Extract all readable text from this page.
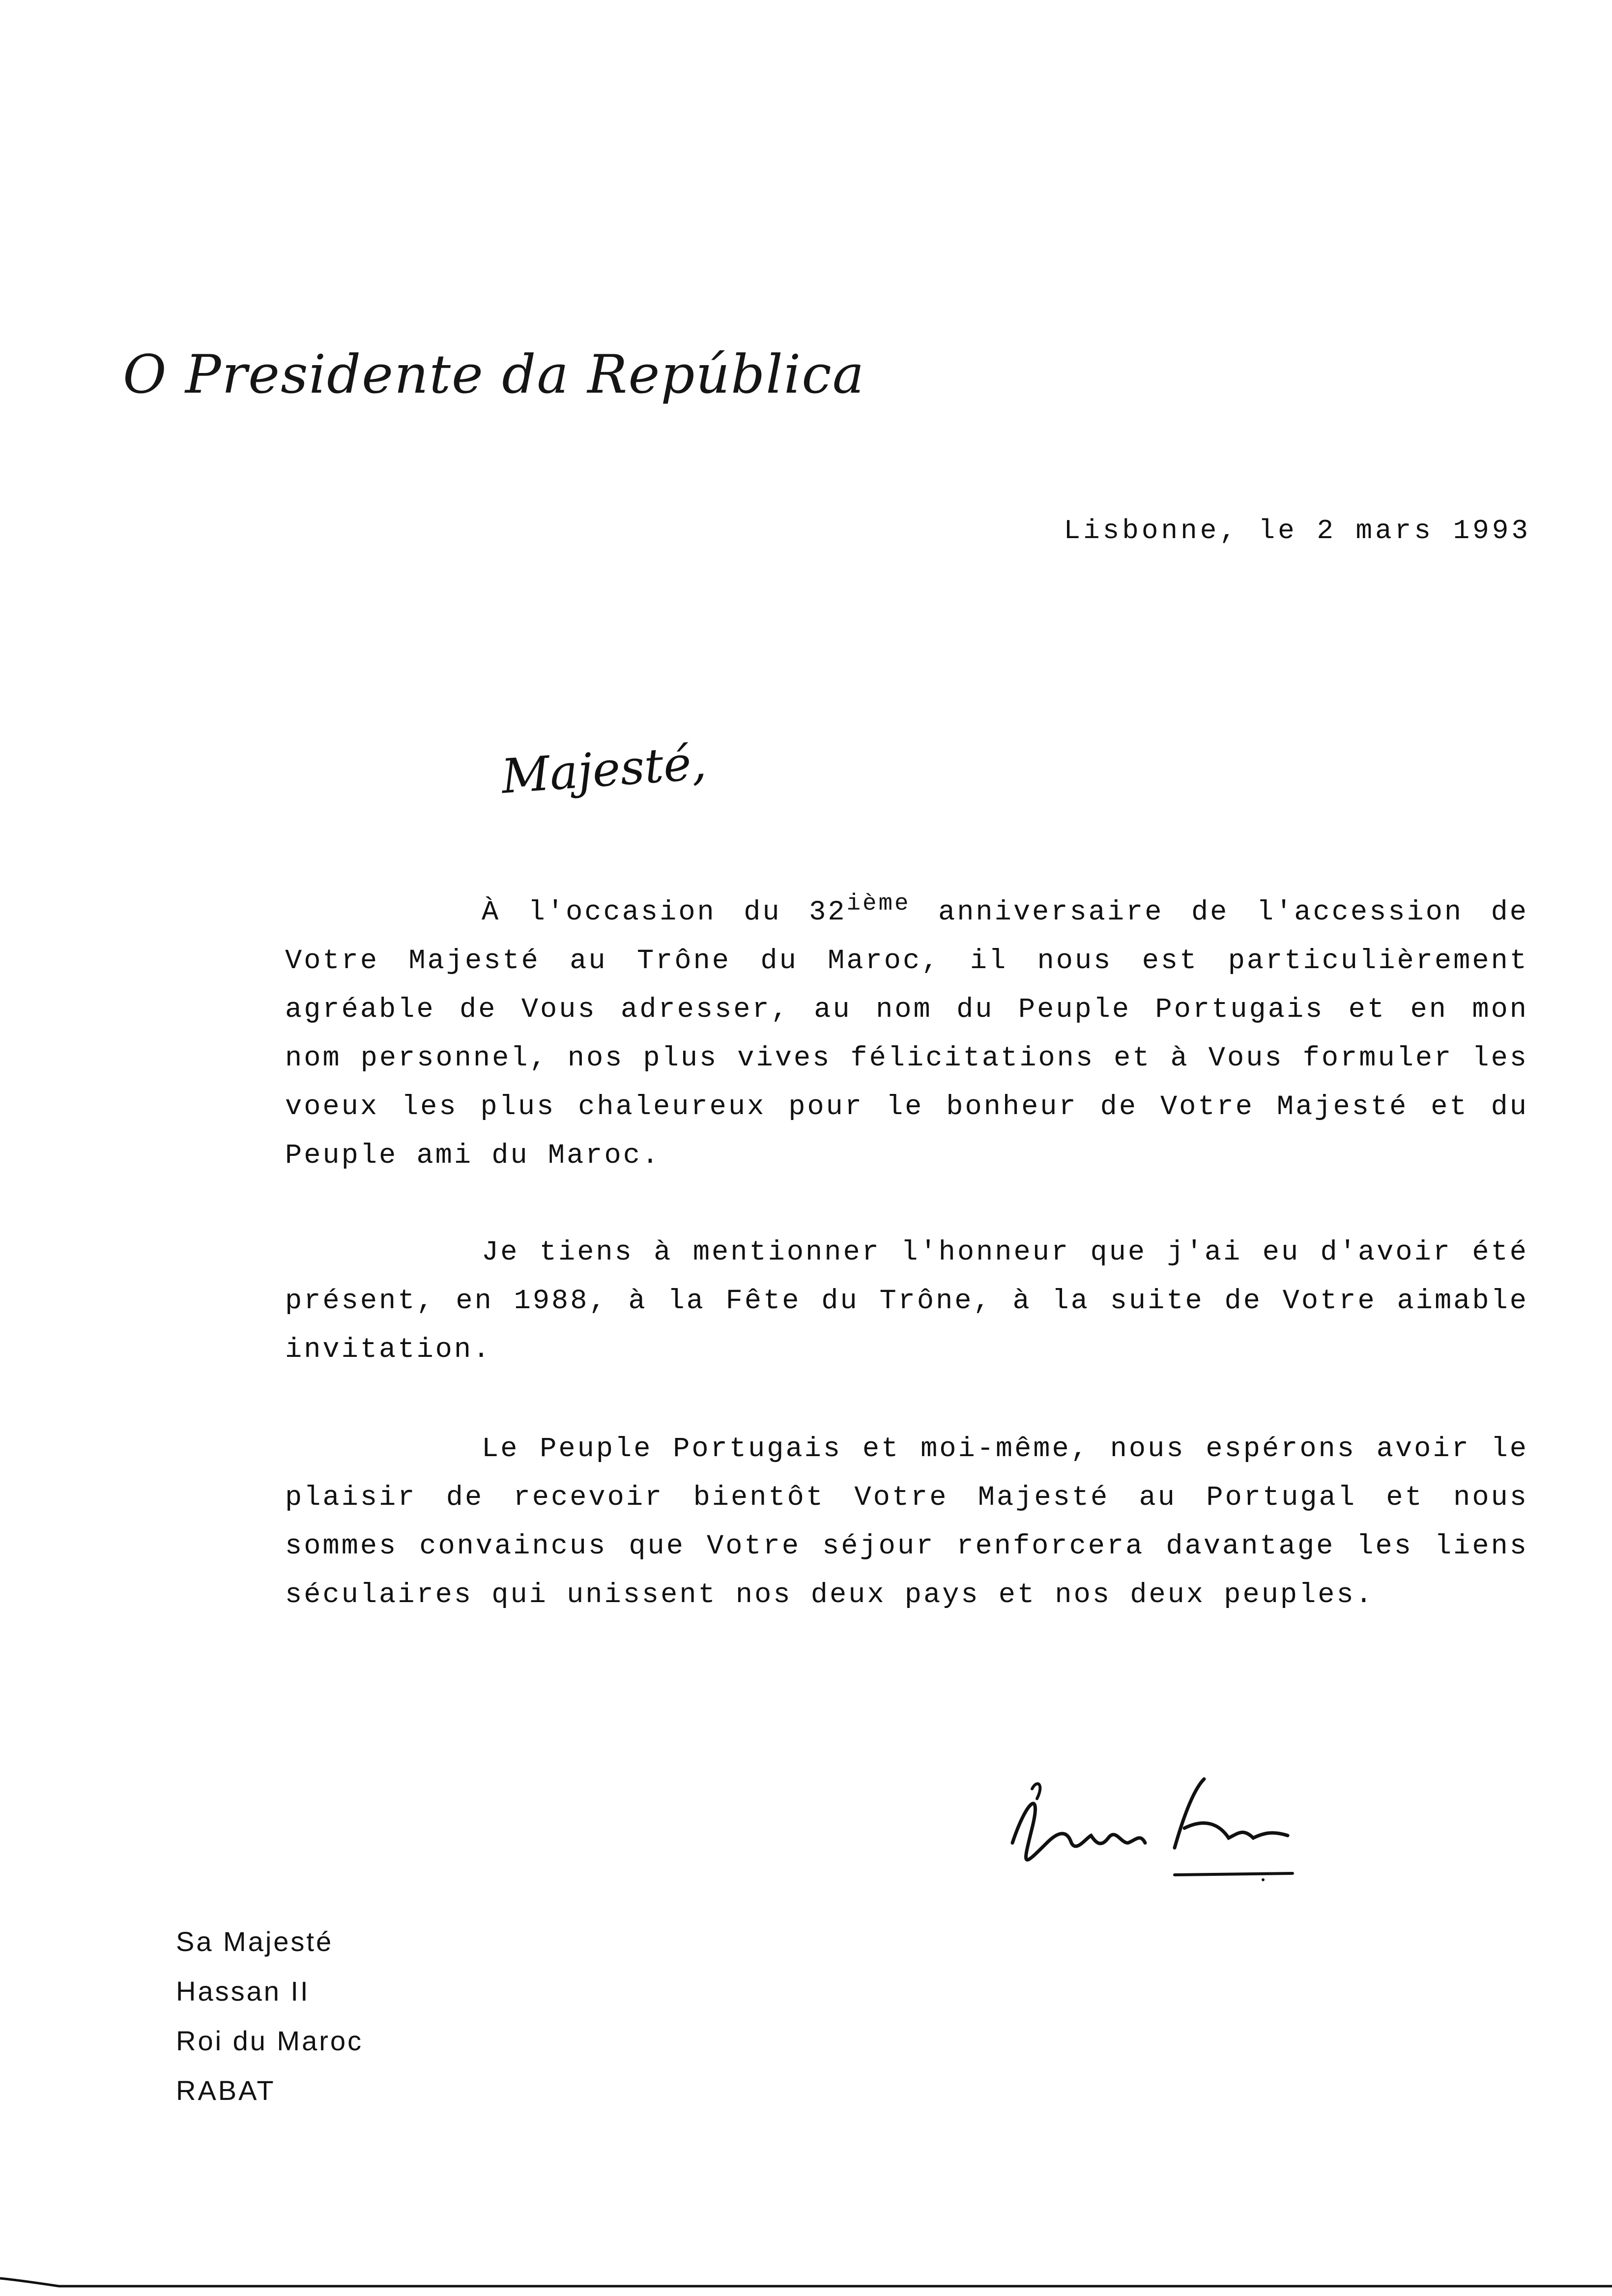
O Presidente da República
Lisbonne, le 2 mars 1993
Majesté,
À l'occasion du 32ième anniversaire de l'accession de Votre Majesté au Trône du Maroc, il nous est particulièrement agréable de Vous adresser, au nom du Peuple Portugais et en mon nom personnel, nos plus vives félicitations et à Vous formuler les voeux les plus chaleureux pour le bonheur de Votre Majesté et du Peuple ami du Maroc.
Je tiens à mentionner l'honneur que j'ai eu d'avoir été présent, en 1988, à la Fête du Trône, à la suite de Votre aimable invitation.
Le Peuple Portugais et moi-même, nous espérons avoir le plaisir de recevoir bientôt Votre Majesté au Portugal et nous sommes convaincus que Votre séjour renforcera davantage les liens séculaires qui unissent nos deux pays et nos deux peuples.
Sa Majesté
Hassan II
Roi du Maroc
RABAT
